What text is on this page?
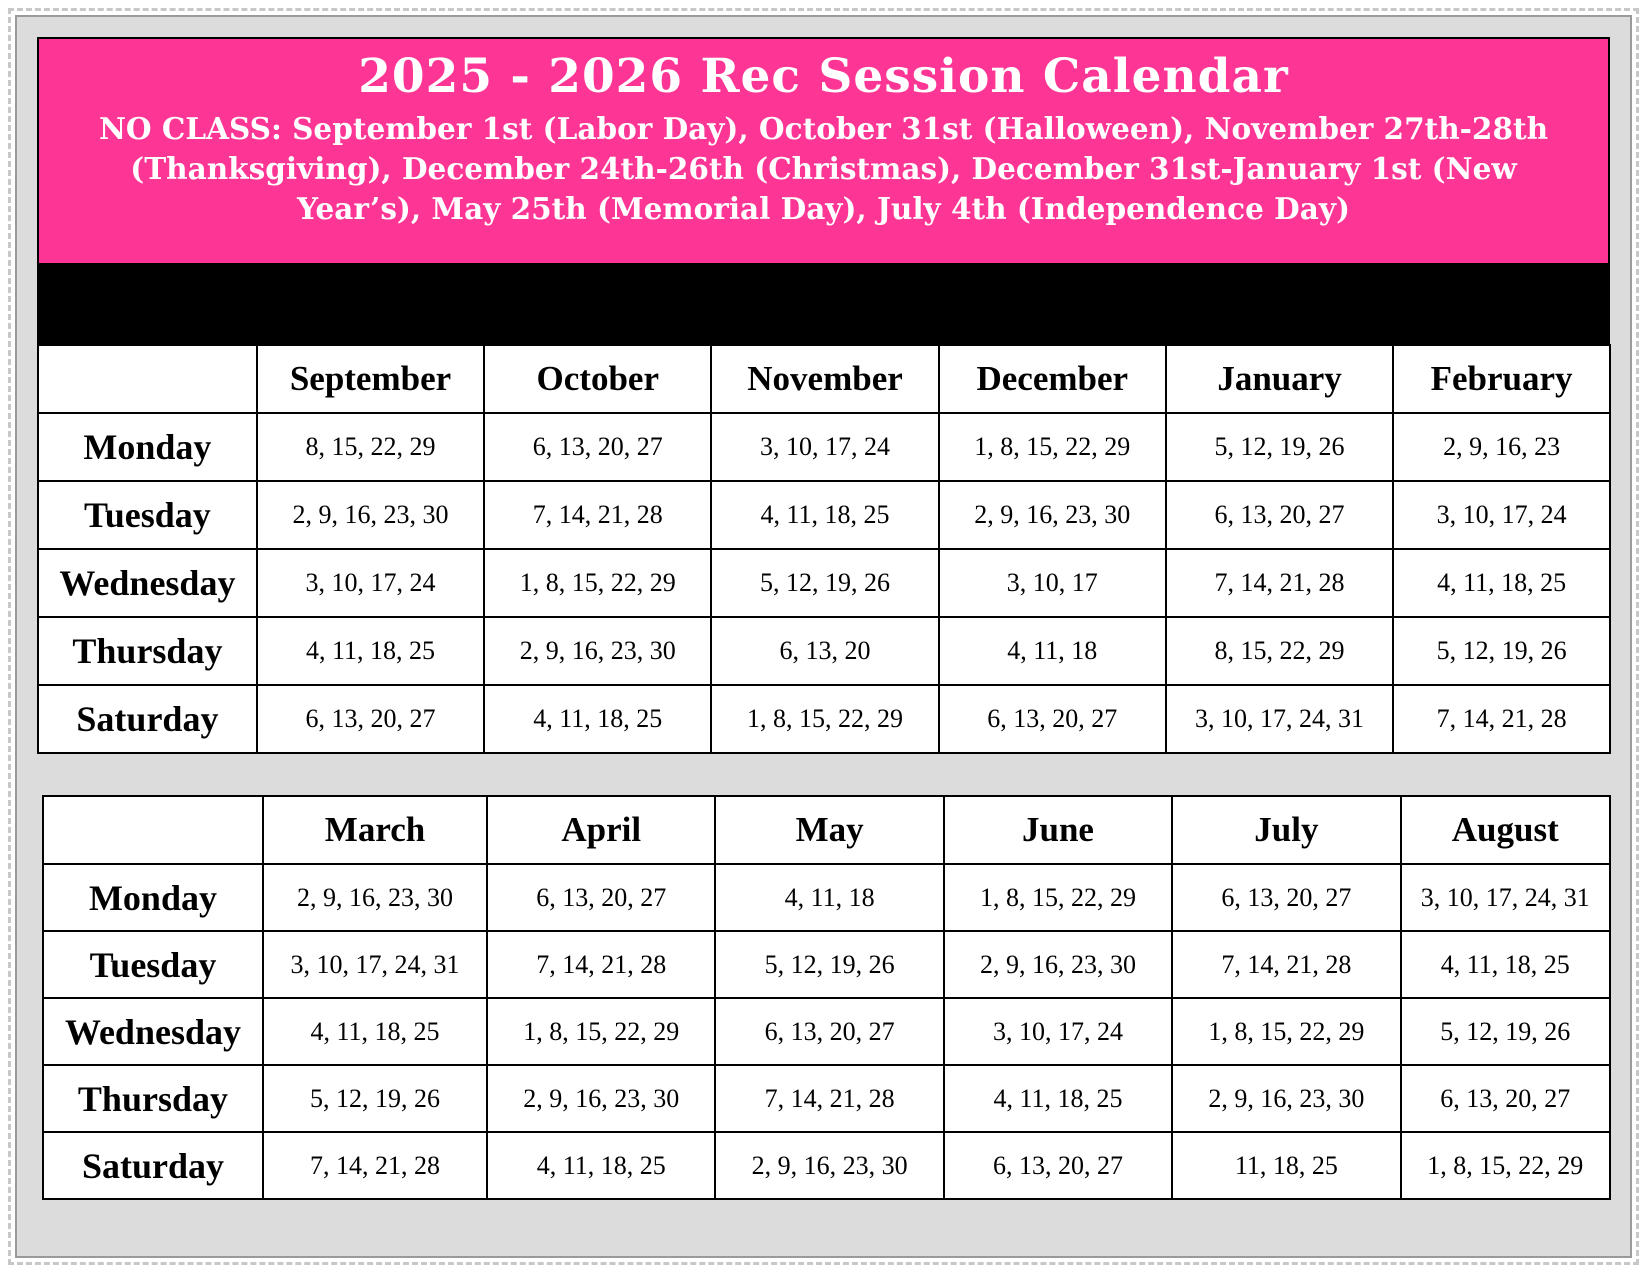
2025 - 2026 Rec Session Calendar
NO CLASS: September 1st (Labor Day), October 31st (Halloween), November 27th-28th (Thanksgiving), December 24th-26th (Christmas), December 31st-January 1st (New Year’s), May 25th (Memorial Day), July 4th (Independence Day)
	September	October	November	December	January	February
Monday	8, 15, 22, 29	6, 13, 20, 27	3, 10, 17, 24	1, 8, 15, 22, 29	5, 12, 19, 26	2, 9, 16, 23
Tuesday	2, 9, 16, 23, 30	7, 14, 21, 28	4, 11, 18, 25	2, 9, 16, 23, 30	6, 13, 20, 27	3, 10, 17, 24
Wednesday	3, 10, 17, 24	1, 8, 15, 22, 29	5, 12, 19, 26	3, 10, 17	7, 14, 21, 28	4, 11, 18, 25
Thursday	4, 11, 18, 25	2, 9, 16, 23, 30	6, 13, 20	4, 11, 18	8, 15, 22, 29	5, 12, 19, 26
Saturday	6, 13, 20, 27	4, 11, 18, 25	1, 8, 15, 22, 29	6, 13, 20, 27	3, 10, 17, 24, 31	7, 14, 21, 28
	March	April	May	June	July	August
Monday	2, 9, 16, 23, 30	6, 13, 20, 27	4, 11, 18	1, 8, 15, 22, 29	6, 13, 20, 27	3, 10, 17, 24, 31
Tuesday	3, 10, 17, 24, 31	7, 14, 21, 28	5, 12, 19, 26	2, 9, 16, 23, 30	7, 14, 21, 28	4, 11, 18, 25
Wednesday	4, 11, 18, 25	1, 8, 15, 22, 29	6, 13, 20, 27	3, 10, 17, 24	1, 8, 15, 22, 29	5, 12, 19, 26
Thursday	5, 12, 19, 26	2, 9, 16, 23, 30	7, 14, 21, 28	4, 11, 18, 25	2, 9, 16, 23, 30	6, 13, 20, 27
Saturday	7, 14, 21, 28	4, 11, 18, 25	2, 9, 16, 23, 30	6, 13, 20, 27	11, 18, 25	1, 8, 15, 22, 29
